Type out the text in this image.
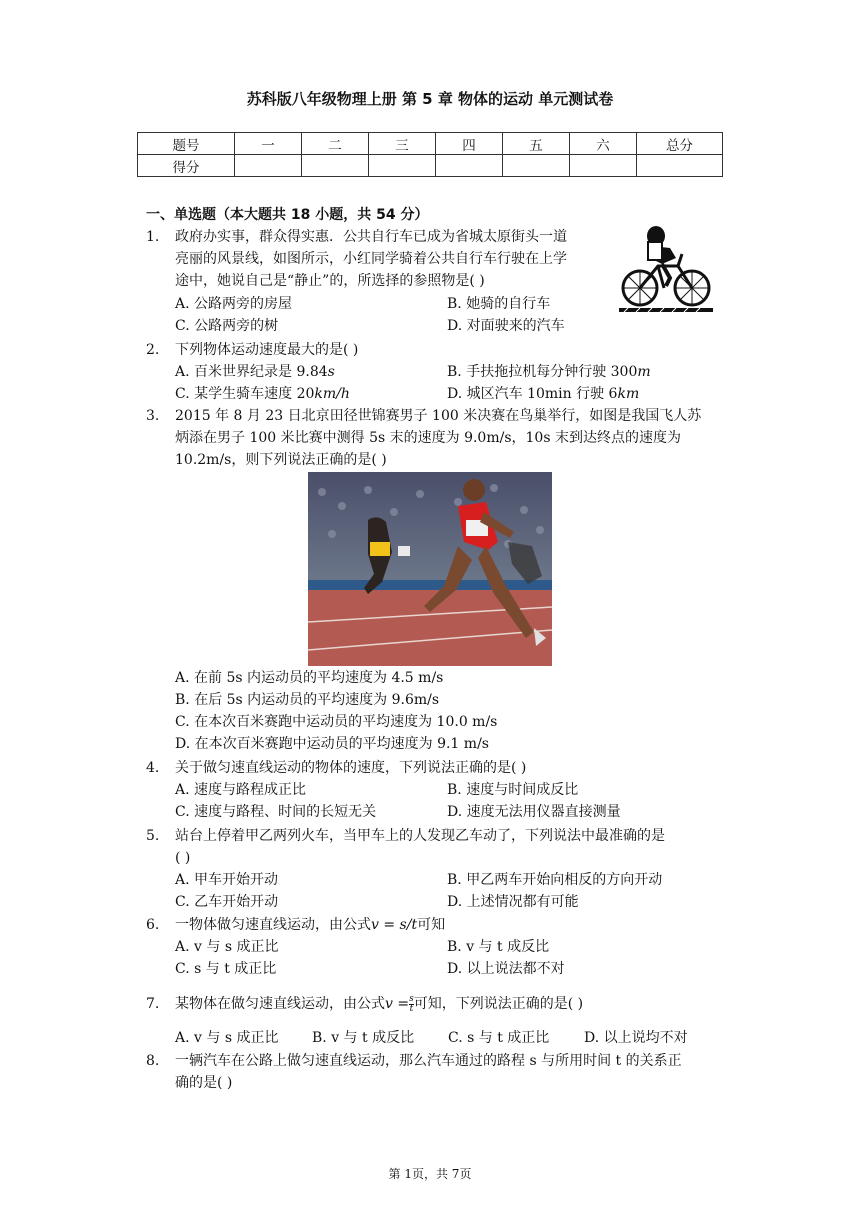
苏科版八年级物理上册 第 5 章 物体的运动 单元测试卷
题号	一	二	三	四	五	六	总分
得分							
一、单选题（本大题共 18 小题，共 54 分）
1. 政府办实事，群众得实惠．公共自行车已成为省城太原街头一道
亮丽的风景线，如图所示，小红同学骑着公共自行车行驶在上学
途中，她说自己是“静止”的，所选择的参照物是( )
A. 公路两旁的房屋	B. 她骑的自行车
C. 公路两旁的树	D. 对面驶来的汽车
2. 下列物体运动速度最大的是( )
A. 百米世界纪录是 9.84s	B. 手扶拖拉机每分钟行驶 300m
C. 某学生骑车速度 20km/h	D. 城区汽车 10min 行驶 6km
3. 2015 年 8 月 23 日北京田径世锦赛男子 100 米决赛在鸟巢举行，如图是我国飞人苏
炳添在男子 100 米比赛中测得 5s 末的速度为 9.0m/s，10s 末到达终点的速度为
10.2m/s，则下列说法正确的是( )
A. 在前 5s 内运动员的平均速度为 4.5 m/s
B. 在后 5s 内运动员的平均速度为 9.6m/s
C. 在本次百米赛跑中运动员的平均速度为 10.0 m/s
D. 在本次百米赛跑中运动员的平均速度为 9.1 m/s
4. 关于做匀速直线运动的物体的速度，下列说法正确的是( )
A. 速度与路程成正比	B. 速度与时间成反比
C. 速度与路程、时间的长短无关	D. 速度无法用仪器直接测量
5. 站台上停着甲乙两列火车，当甲车上的人发现乙车动了，下列说法中最准确的是
( )
A. 甲车开始开动	B. 甲乙两车开始向相反的方向开动
C. 乙车开始开动	D. 上述情况都有可能
6. 一物体做匀速直线运动，由公式v = s/t可知
A. v 与 s 成正比	B. v 与 t 成反比
C. s 与 t 成正比	D. 以上说法都不对
7. 某物体在做匀速直线运动，由公式$v = \frac{s}{t}$ 可知，下列说法正确的是( )
A. v 与 s 成正比 B. v 与 t 成反比 C. s 与 t 成正比 D. 以上说均不对
8. 一辆汽车在公路上做匀速直线运动，那么汽车通过的路程 s 与所用时间 t 的关系正
确的是( )
第 1页，共 7页
